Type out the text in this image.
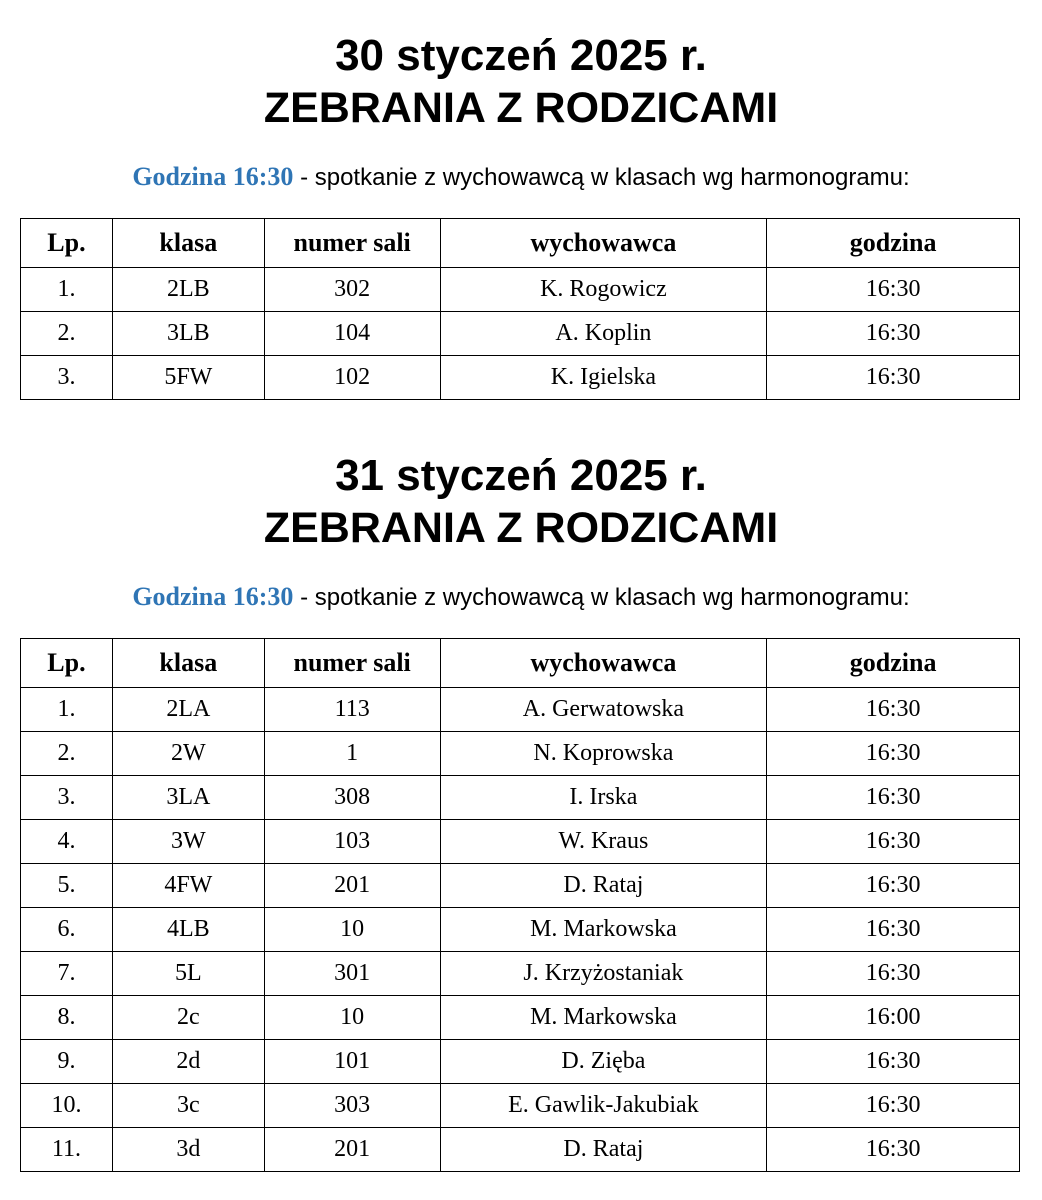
30 styczeń 2025 r.
ZEBRANIA Z RODZICAMI

Godzina 16:30 - spotkanie z wychowawcą w klasach wg harmonogramu:

Lp.	klasa	numer sali	wychowawca	godzina
1.	2LB	302	K. Rogowicz	16:30
2.	3LB	104	A. Koplin	16:30
3.	5FW	102	K. Igielska	16:30
31 styczeń 2025 r.
ZEBRANIA Z RODZICAMI

Godzina 16:30 - spotkanie z wychowawcą w klasach wg harmonogramu:

Lp.	klasa	numer sali	wychowawca	godzina
1.	2LA	113	A. Gerwatowska	16:30
2.	2W	1	N. Koprowska	16:30
3.	3LA	308	I. Irska	16:30
4.	3W	103	W. Kraus	16:30
5.	4FW	201	D. Rataj	16:30
6.	4LB	10	M. Markowska	16:30
7.	5L	301	J. Krzyżostaniak	16:30
8.	2c	10	M. Markowska	16:00
9.	2d	101	D. Zięba	16:30
10.	3c	303	E. Gawlik-Jakubiak	16:30
11.	3d	201	D. Rataj	16:30
